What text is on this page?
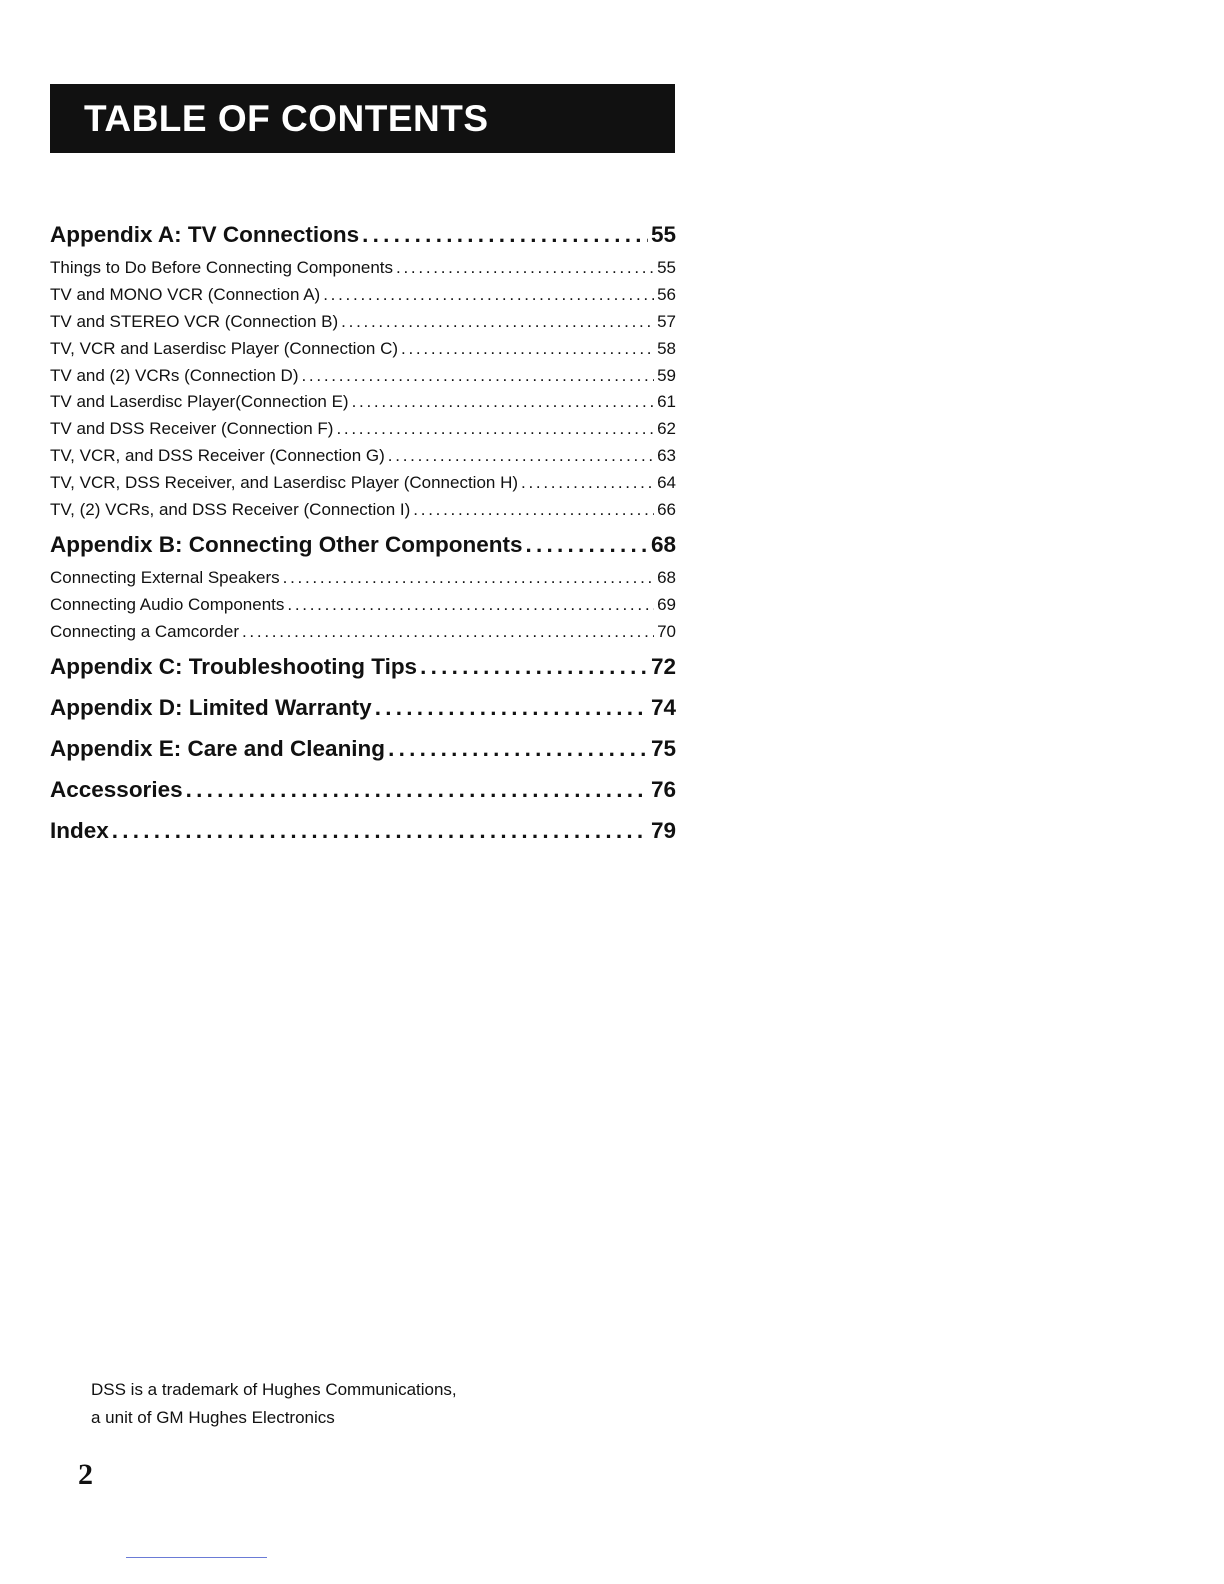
TABLE OF CONTENTS
Appendix A: TV Connections . . .	55
Things to Do Before Connecting Components . . .	55
TV and MONO VCR (Connection A) . . .	56
TV and STEREO VCR (Connection B) . . .	57
TV, VCR and Laserdisc Player (Connection C) . . .	58
TV and (2) VCRs (Connection D) . . .	59
TV and Laserdisc Player(Connection E) . . .	61
TV and DSS Receiver (Connection F) . . .	62
TV, VCR, and DSS Receiver (Connection G) . . .	63
TV, VCR, DSS Receiver, and Laserdisc Player (Connection H) . . .	64
TV, (2) VCRs, and DSS Receiver (Connection I) . . .	66
Appendix B: Connecting Other Components . . .	68
Connecting External Speakers . . .	68
Connecting Audio Components . . .	69
Connecting a Camcorder . . .	70
Appendix C: Troubleshooting Tips . . .	72
Appendix D: Limited Warranty . . .	74
Appendix E: Care and Cleaning . . .	75
Accessories . . .	76
Index . . .	79
DSS is a trademark of Hughes Communications,
a unit of GM Hughes Electronics
2
